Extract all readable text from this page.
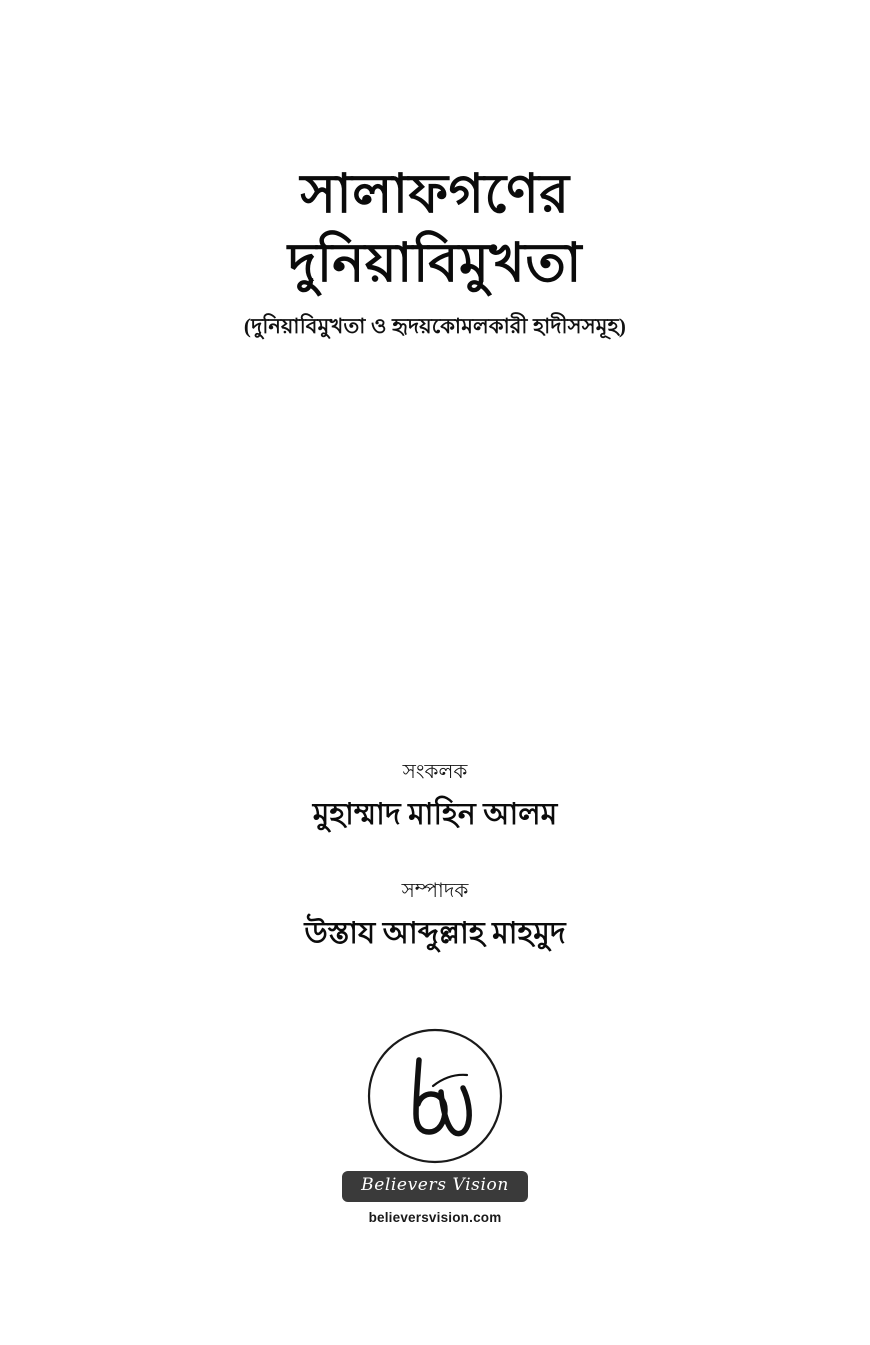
সালাফগণের
দুনিয়াবিমুখতা
(দুনিয়াবিমুখতা ও হৃদয়কোমলকারী হাদীসসমূহ)
সংকলক
মুহাম্মাদ মাহিন আলম
সম্পাদক
উস্তায আব্দুল্লাহ মাহমুদ
Believers Vision
believersvision.com
